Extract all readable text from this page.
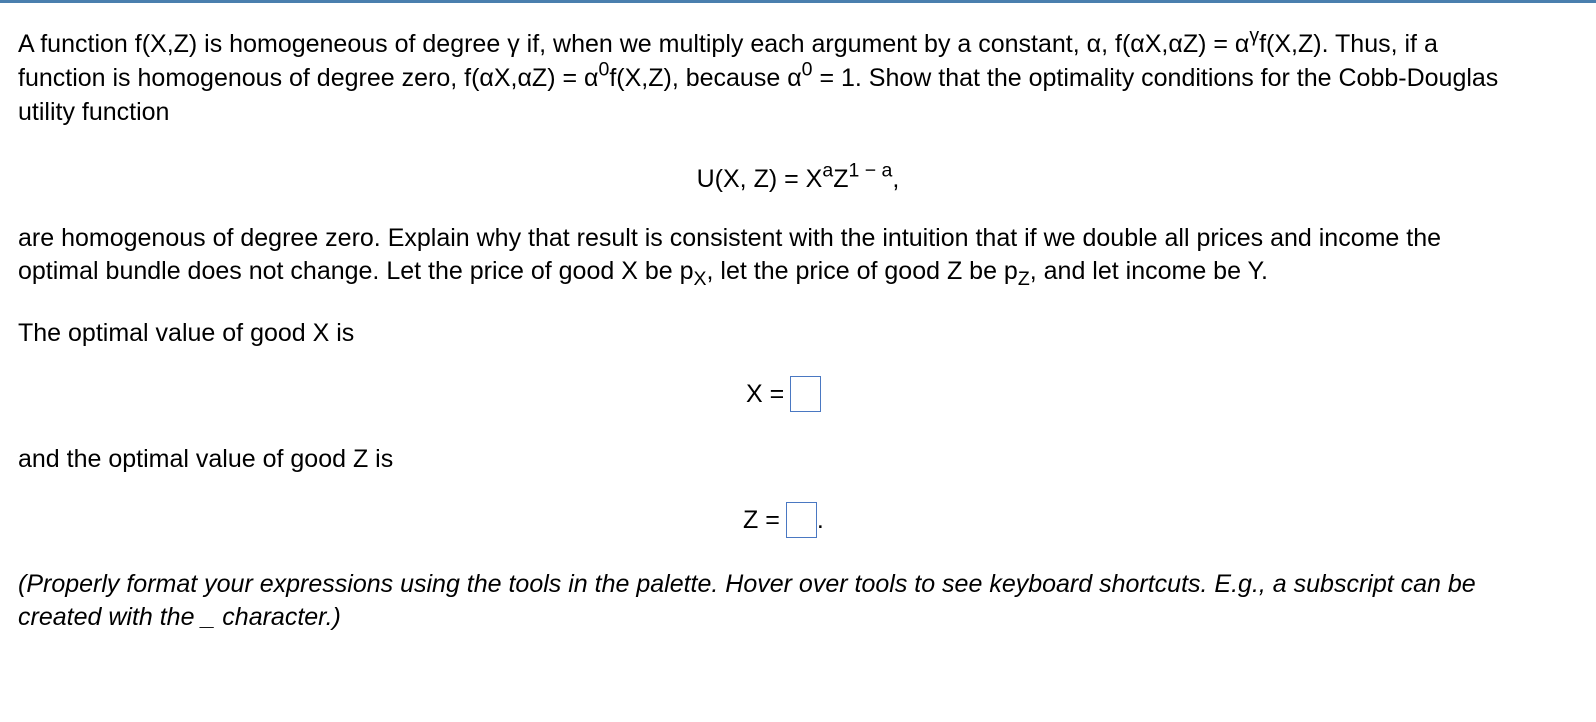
A function f(X,Z) is homogeneous of degree γ if, when we multiply each argument by a constant, α, $f(\alpha X,\alpha Z) = \alpha^\gamma f(X,Z)$. Thus, if a
function is homogenous of degree zero, $f(\alpha X,\alpha Z) = \alpha^0f(X,Z)$, because $\alpha^0 = 1$. Show that the optimality conditions for the Cobb-Douglas
utility function
U(X, $Z) = X^aZ^{1 - a}$,
are homogenous of degree zero. Explain why that result is consistent with the intuition that if we double all prices and income the
optimal bundle does not change. Let the price of good X be $p_X$, let the price of good Z be $p_Z$, and let income be Y.
The optimal value of good X is
X =
and the optimal value of good Z is
Z = .
(Properly format your expressions using the tools in the palette. Hover over tools to see keyboard shortcuts. E.g., a subscript can be
created with the _ character.)
